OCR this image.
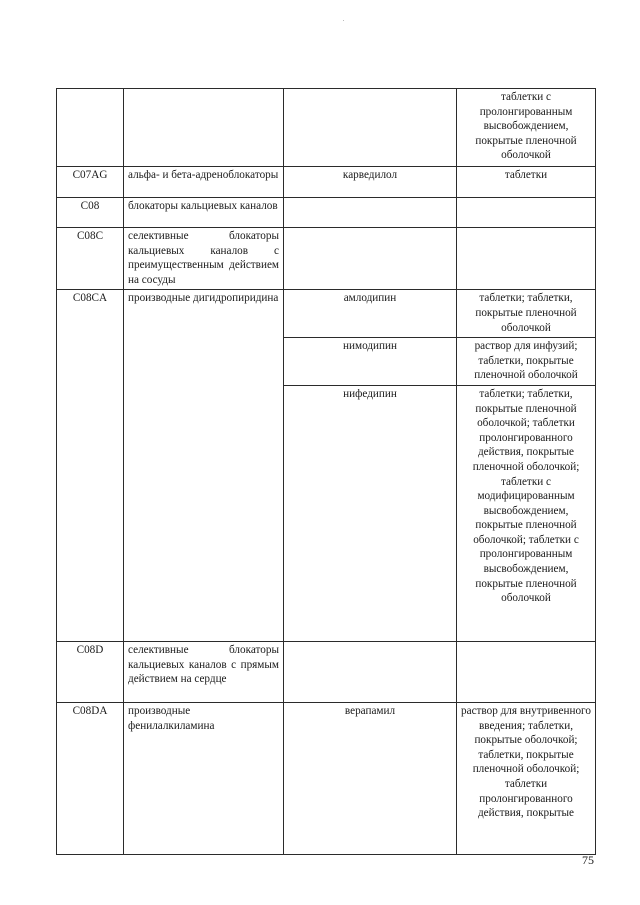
			таблетки с пролонгированным высвобождением, покрытые пленочной оболочкой
C07AG	альфа- и бета-адреноблокаторы	карведилол	таблетки
C08	блокаторы кальциевых каналов		
C08C	селективные блокаторы кальциевых каналов с преимущественным действием на сосуды		
C08CA	производные дигидропиридина	амлодипин	таблетки; таблетки, покрытые пленочной оболочкой
		нимодипин	раствор для инфузий; таблетки, покрытые пленочной оболочкой
		нифедипин	таблетки; таблетки, покрытые пленочной оболочкой; таблетки пролонгированного действия, покрытые пленочной оболочкой; таблетки с модифицированным высвобождением, покрытые пленочной оболочкой; таблетки с пролонгированным высвобождением, покрытые пленочной оболочкой
C08D	селективные блокаторы кальциевых каналов с прямым действием на сердце		
C08DA	производные фенилалкиламина	верапамил	раствор для внутривенного введения; таблетки, покрытые оболочкой; таблетки, покрытые пленочной оболочкой; таблетки пролонгированного действия, покрытые
75
